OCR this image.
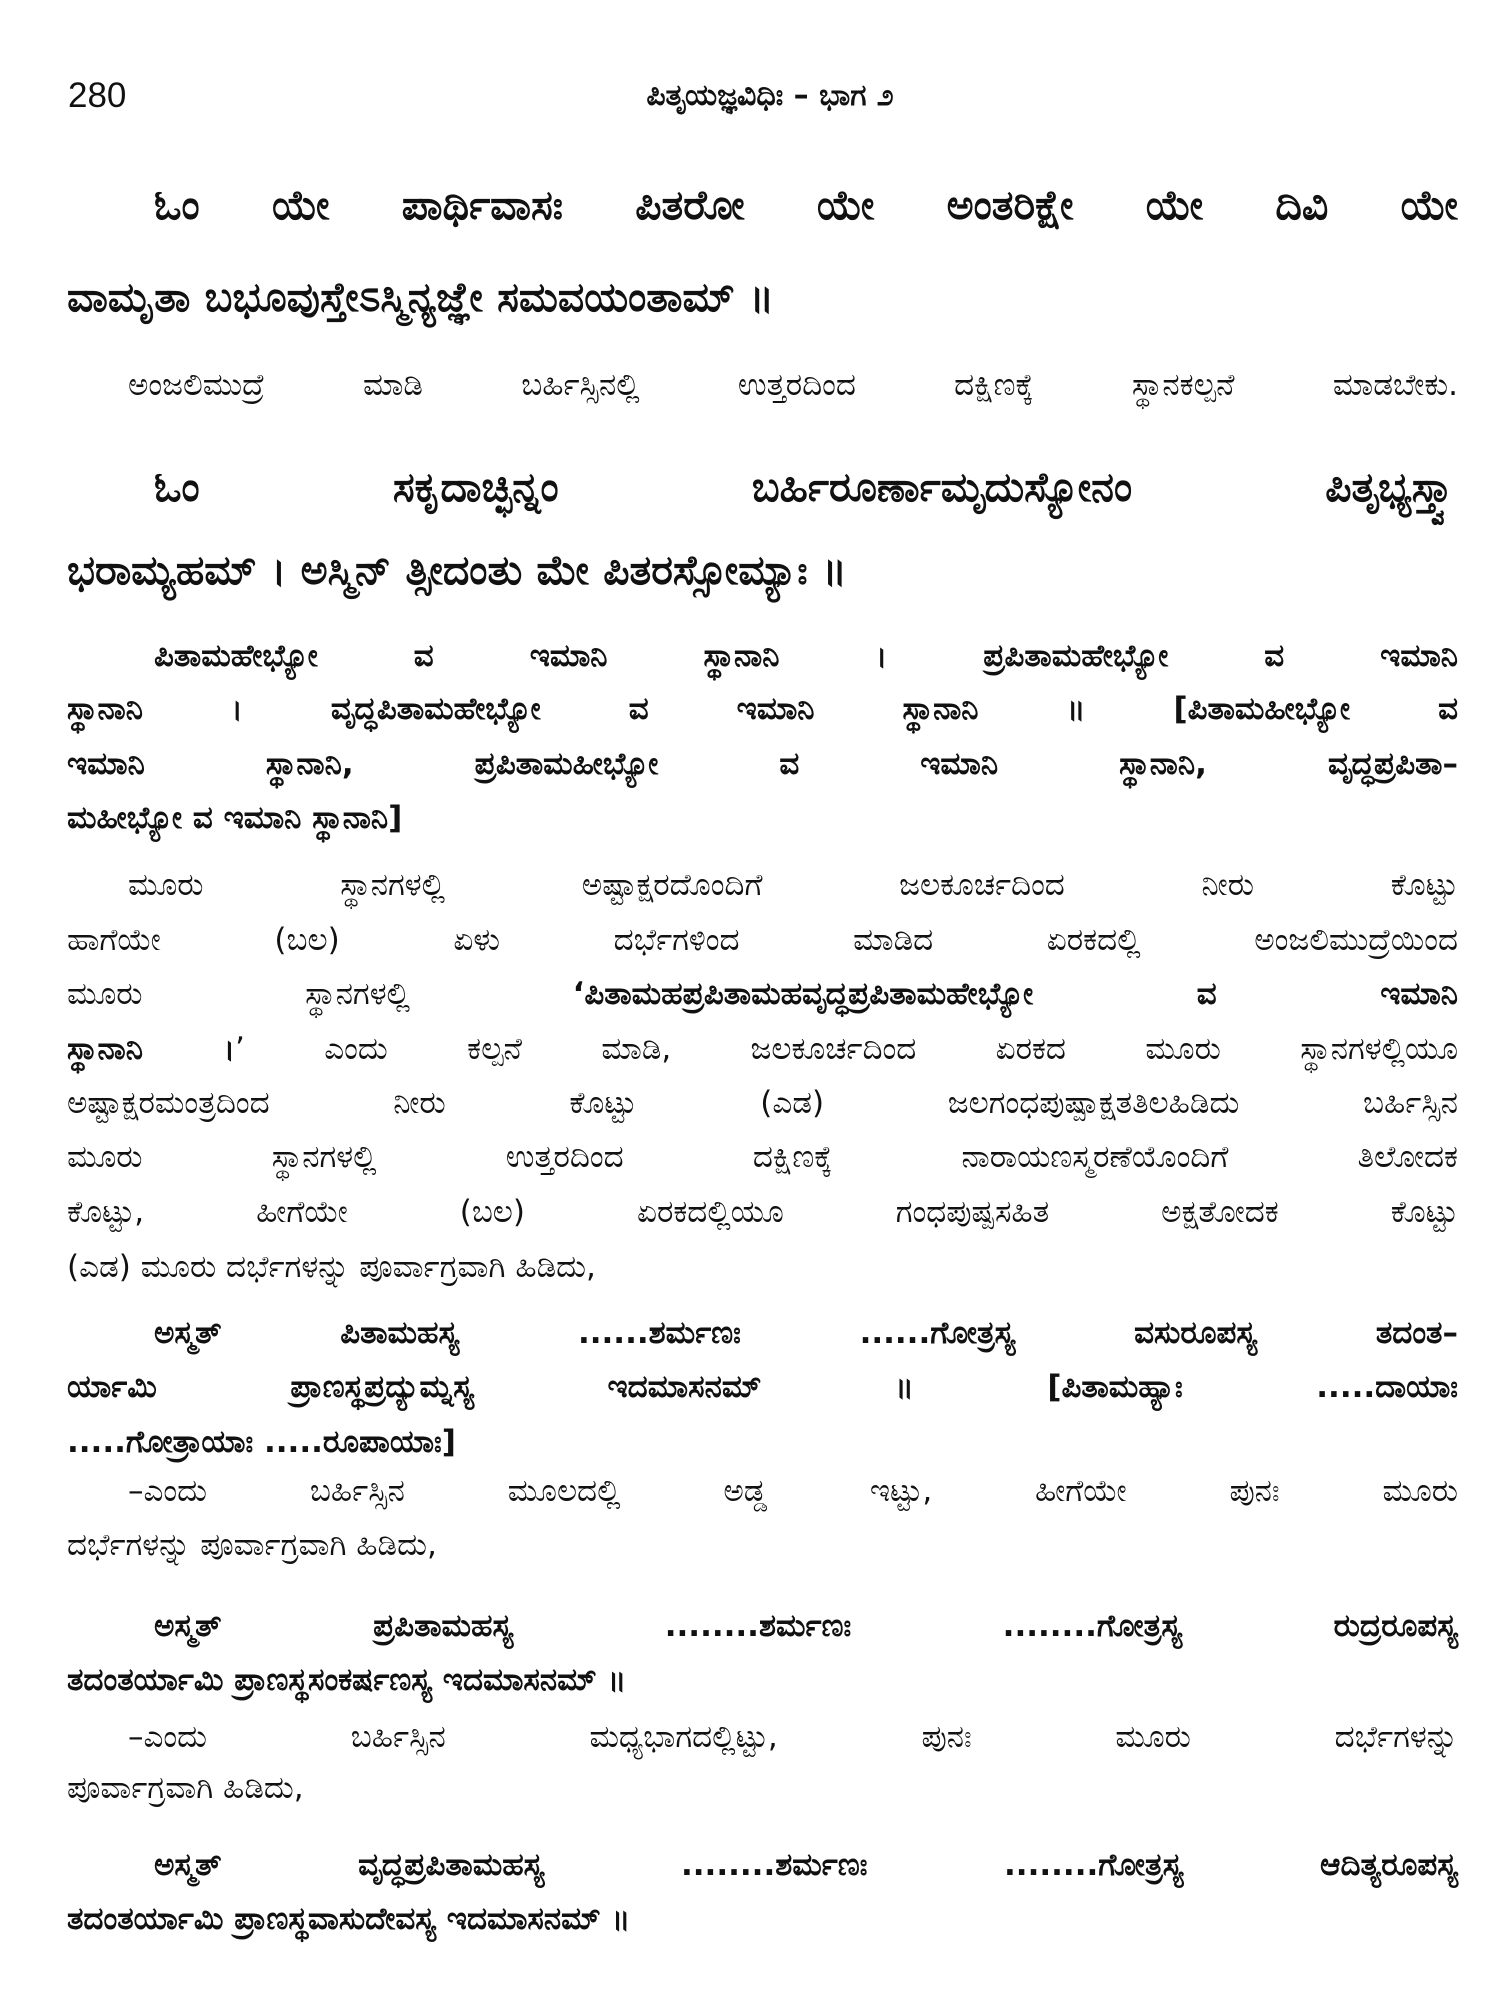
280	ಪಿತೃಯಜ್ಞವಿಧಿಃ – ಭಾಗ ೨
ಓಂ ಯೇ ಪಾರ್ಥಿವಾಸಃ ಪಿತರೋ ಯೇ ಅಂತರಿಕ್ಷೇ ಯೇ ದಿವಿ ಯೇ
ವಾಮೃತಾ ಬಭೂವುಸ್ತೇಽಸ್ಮಿನ್ಯಜ್ಞೇ ಸಮವಯಂತಾಮ್ ॥
ಅಂಜಲಿಮುದ್ರೆ ಮಾಡಿ ಬರ್ಹಿಸ್ಸಿನಲ್ಲಿ ಉತ್ತರದಿಂದ ದಕ್ಷಿಣಕ್ಕೆ ಸ್ಥಾನಕಲ್ಪನೆ ಮಾಡಬೇಕು.
ಓಂ ಸಕೃದಾಚ್ಛಿನ್ನಂ ಬರ್ಹಿರೂರ್ಣಾಮೃದುಸ್ಯೋನಂ ಪಿತೃಭ್ಯಸ್ತ್ವಾ
ಭರಾಮ್ಯಹಮ್ । ಅಸ್ಮಿನ್ ತ್ಸೀದಂತು ಮೇ ಪಿತರಸ್ಸೋಮ್ಯಾಃ ॥
ಪಿತಾಮಹೇಭ್ಯೋ ವ ಇಮಾನಿ ಸ್ಥಾನಾನಿ । ಪ್ರಪಿತಾಮಹೇಭ್ಯೋ ವ ಇಮಾನಿ
ಸ್ಥಾನಾನಿ । ವೃದ್ಧಪಿತಾಮಹೇಭ್ಯೋ ವ ಇಮಾನಿ ಸ್ಥಾನಾನಿ ॥ [ಪಿತಾಮಹೀಭ್ಯೋ ವ
ಇಮಾನಿ ಸ್ಥಾನಾನಿ, ಪ್ರಪಿತಾಮಹೀಭ್ಯೋ ವ ಇಮಾನಿ ಸ್ಥಾನಾನಿ, ವೃದ್ಧಪ್ರಪಿತಾ–
ಮಹೀಭ್ಯೋ ವ ಇಮಾನಿ ಸ್ಥಾನಾನಿ]
ಮೂರು ಸ್ಥಾನಗಳಲ್ಲಿ ಅಷ್ಟಾಕ್ಷರದೊಂದಿಗೆ ಜಲಕೂರ್ಚದಿಂದ ನೀರು ಕೊಟ್ಟು
ಹಾಗೆಯೇ (ಬಲ) ಏಳು ದರ್ಭೆಗಳಿಂದ ಮಾಡಿದ ಏರಕದಲ್ಲಿ ಅಂಜಲಿಮುದ್ರೆಯಿಂದ
ಮೂರು ಸ್ಥಾನಗಳಲ್ಲಿ ‘ಪಿತಾಮಹಪ್ರಪಿತಾಮಹವೃದ್ಧಪ್ರಪಿತಾಮಹೇಭ್ಯೋ ವ ಇಮಾನಿ
ಸ್ಥಾನಾನಿ ।’ ಎಂದು ಕಲ್ಪನೆ ಮಾಡಿ, ಜಲಕೂರ್ಚದಿಂದ ಏರಕದ ಮೂರು ಸ್ಥಾನಗಳಲ್ಲಿಯೂ
ಅಷ್ಟಾಕ್ಷರಮಂತ್ರದಿಂದ ನೀರು ಕೊಟ್ಟು (ಎಡ) ಜಲಗಂಧಪುಷ್ಪಾಕ್ಷತತಿಲಹಿಡಿದು ಬರ್ಹಿಸ್ಸಿನ
ಮೂರು ಸ್ಥಾನಗಳಲ್ಲಿ ಉತ್ತರದಿಂದ ದಕ್ಷಿಣಕ್ಕೆ ನಾರಾಯಣಸ್ಮರಣೆಯೊಂದಿಗೆ ತಿಲೋದಕ
ಕೊಟ್ಟು, ಹೀಗೆಯೇ (ಬಲ) ಏರಕದಲ್ಲಿಯೂ ಗಂಧಪುಷ್ಪಸಹಿತ ಅಕ್ಷತೋದಕ ಕೊಟ್ಟು
(ಎಡ) ಮೂರು ದರ್ಭೆಗಳನ್ನು ಪೂರ್ವಾಗ್ರವಾಗಿ ಹಿಡಿದು,
ಅಸ್ಮತ್ ಪಿತಾಮಹಸ್ಯ ......ಶರ್ಮಣಃ ......ಗೋತ್ರಸ್ಯ ವಸುರೂಪಸ್ಯ ತದಂತ–
ರ್ಯಾಮಿ ಪ್ರಾಣಸ್ಥಪ್ರದ್ಯುಮ್ನಸ್ಯ ಇದಮಾಸನಮ್ ॥ [ಪಿತಾಮಹ್ಯಾಃ .....ದಾಯಾಃ
.....ಗೋತ್ರಾಯಾಃ .....ರೂಪಾಯಾಃ]
–ಎಂದು ಬರ್ಹಿಸ್ಸಿನ ಮೂಲದಲ್ಲಿ ಅಡ್ಡ ಇಟ್ಟು, ಹೀಗೆಯೇ ಪುನಃ ಮೂರು
ದರ್ಭೆಗಳನ್ನು ಪೂರ್ವಾಗ್ರವಾಗಿ ಹಿಡಿದು,
ಅಸ್ಮತ್ ಪ್ರಪಿತಾಮಹಸ್ಯ ........ಶರ್ಮಣಃ ........ಗೋತ್ರಸ್ಯ ರುದ್ರರೂಪಸ್ಯ
ತದಂತರ್ಯಾಮಿ ಪ್ರಾಣಸ್ಥಸಂಕರ್ಷಣಸ್ಯ ಇದಮಾಸನಮ್ ॥
–ಎಂದು ಬರ್ಹಿಸ್ಸಿನ ಮಧ್ಯಭಾಗದಲ್ಲಿಟ್ಟು, ಪುನಃ ಮೂರು ದರ್ಭೆಗಳನ್ನು
ಪೂರ್ವಾಗ್ರವಾಗಿ ಹಿಡಿದು,
ಅಸ್ಮತ್ ವೃದ್ಧಪ್ರಪಿತಾಮಹಸ್ಯ ........ಶರ್ಮಣಃ ........ಗೋತ್ರಸ್ಯ ಆದಿತ್ಯರೂಪಸ್ಯ
ತದಂತರ್ಯಾಮಿ ಪ್ರಾಣಸ್ಥವಾಸುದೇವಸ್ಯ ಇದಮಾಸನಮ್ ॥
